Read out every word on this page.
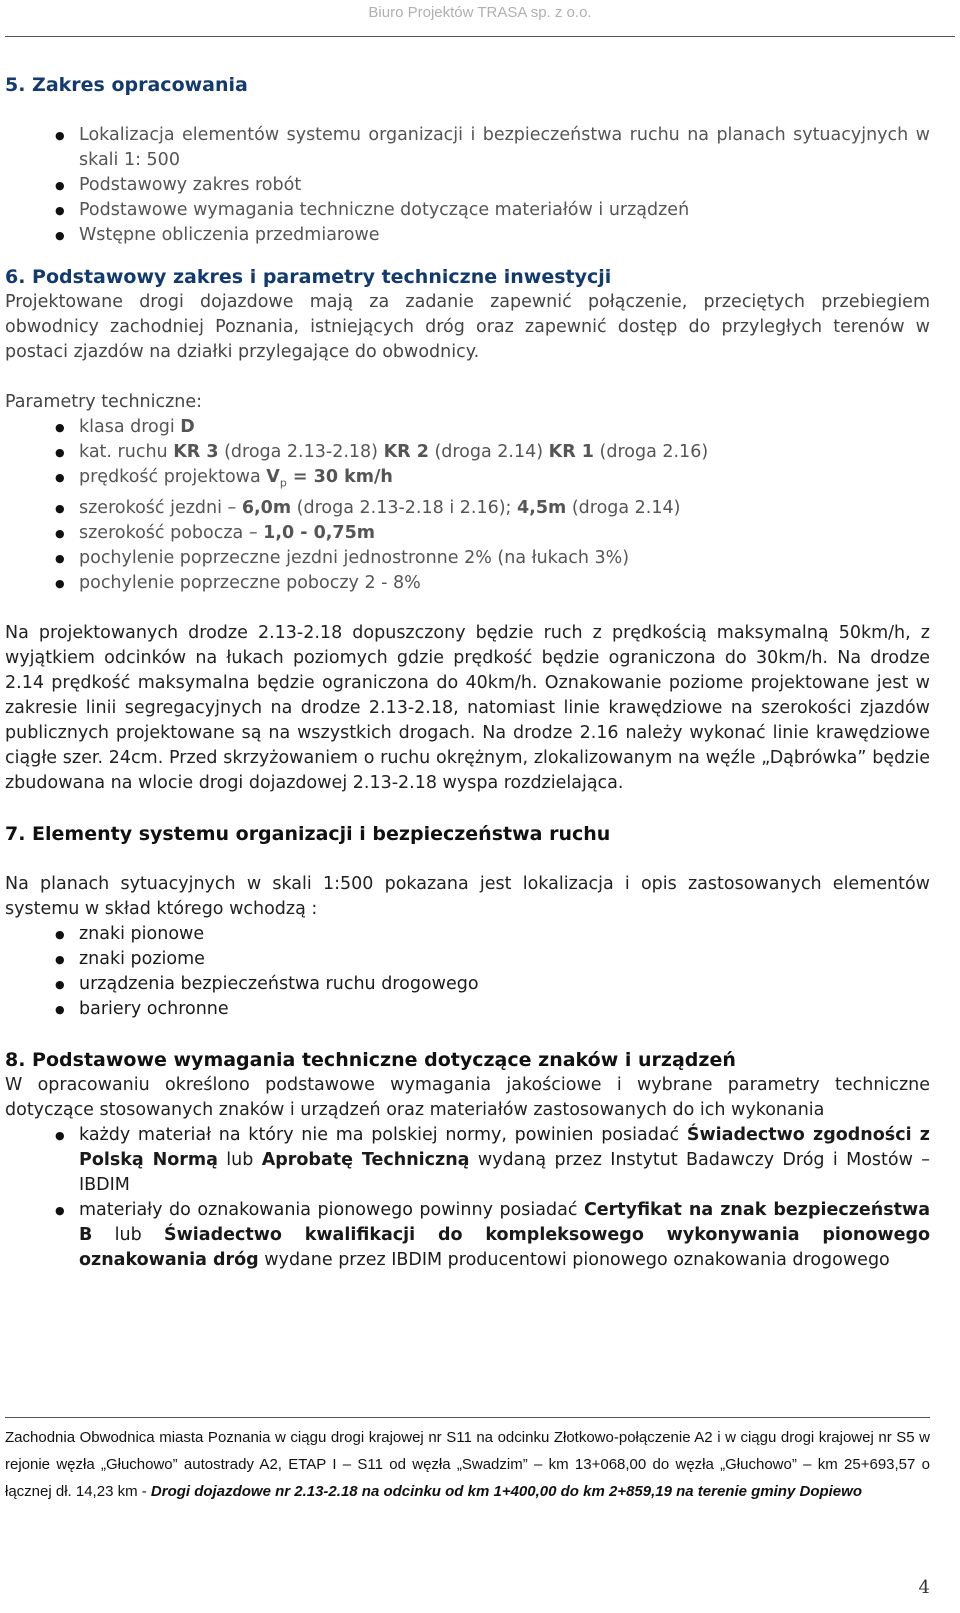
Biuro Projektów TRASA sp. z o.o.
5. Zakres opracowania
● Lokalizacja elementów systemu organizacji i bezpieczeństwa ruchu na planach sytuacyjnych w skali 1: 500
● Podstawowy zakres robót
● Podstawowe wymagania techniczne dotyczące materiałów i urządzeń
● Wstępne obliczenia przedmiarowe
6. Podstawowy zakres i parametry techniczne inwestycji

Projektowane drogi dojazdowe mają za zadanie zapewnić połączenie, przeciętych przebiegiem obwodnicy zachodniej Poznania, istniejących dróg oraz zapewnić dostęp do przyległych terenów w postaci zjazdów na działki przylegające do obwodnicy.

Parametry techniczne:

● klasa drogi D
● kat. ruchu KR 3 (droga 2.13-2.18) KR 2 (droga 2.14) KR 1 (droga 2.16)
● prędkość projektowa $V_p = 30$ km/h
● szerokość jezdni – 6,0m (droga 2.13-2.18 i 2.16); 4,5m (droga 2.14)
● szerokość pobocza – 1,0 - 0,75m
● pochylenie poprzeczne jezdni jednostronne 2% (na łukach 3%)
● pochylenie poprzeczne poboczy 2 - 8%

Na projektowanych drodze 2.13-2.18 dopuszczony będzie ruch z prędkością maksymalną 50km/h, z wyjątkiem odcinków na łukach poziomych gdzie prędkość będzie ograniczona do 30km/h. Na drodze 2.14 prędkość maksymalna będzie ograniczona do 40km/h. Oznakowanie poziome projektowane jest w zakresie linii segregacyjnych na drodze 2.13-2.18, natomiast linie krawędziowe na szerokości zjazdów publicznych projektowane są na wszystkich drogach. Na drodze 2.16 należy wykonać linie krawędziowe ciągłe szer. 24cm. Przed skrzyżowaniem o ruchu okrężnym, zlokalizowanym na węźle „Dąbrówka” będzie zbudowana na wlocie drogi dojazdowej 2.13-2.18 wyspa rozdzielająca.

7. Elementy systemu organizacji i bezpieczeństwa ruchu

Na planach sytuacyjnych w skali 1:500 pokazana jest lokalizacja i opis zastosowanych elementów systemu w skład którego wchodzą :

● znaki pionowe
● znaki poziome
● urządzenia bezpieczeństwa ruchu drogowego
● bariery ochronne
8. Podstawowe wymagania techniczne dotyczące znaków i urządzeń

W opracowaniu określono podstawowe wymagania jakościowe i wybrane parametry techniczne dotyczące stosowanych znaków i urządzeń oraz materiałów zastosowanych do ich wykonania

● każdy materiał na który nie ma polskiej normy, powinien posiadać Świadectwo zgodności z Polską Normą lub Aprobatę Techniczną wydaną przez Instytut Badawczy Dróg i Mostów – IBDIM
● materiały do oznakowania pionowego powinny posiadać Certyfikat na znak bezpieczeństwa B lub Świadectwo kwalifikacji do kompleksowego wykonywania pionowego oznakowania dróg wydane przez IBDIM producentowi pionowego oznakowania drogowego
Zachodnia Obwodnica miasta Poznania w ciągu drogi krajowej nr S11 na odcinku Złotkowo-połączenie A2 i w ciągu drogi krajowej nr S5 w rejonie węzła „Głuchowo” autostrady A2, ETAP I – S11 od węzła „Swadzim” – km 13+068,00 do węzła „Głuchowo” – km 25+693,57 o łącznej dł. 14,23 km - Drogi dojazdowe nr 2.13-2.18 na odcinku od km 1+400,00 do km 2+859,19 na terenie gminy Dopiewo
4
